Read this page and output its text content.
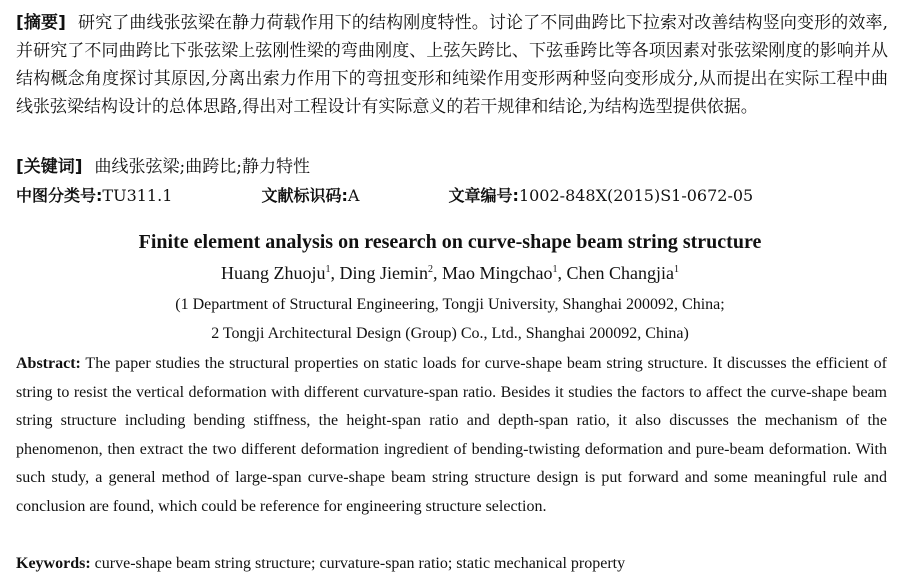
[摘要] 研究了曲线张弦梁在静力荷载作用下的结构刚度特性。讨论了不同曲跨比下拉索对改善结构竖向变形的效率,并研究了不同曲跨比下张弦梁上弦刚性梁的弯曲刚度、上弦矢跨比、下弦垂跨比等各项因素对张弦梁刚度的影响并从结构概念角度探讨其原因,分离出索力作用下的弯扭变形和纯梁作用变形两种竖向变形成分,从而提出在实际工程中曲线张弦梁结构设计的总体思路,得出对工程设计有实际意义的若干规律和结论,为结构选型提供依据。
[关键词] 曲线张弦梁;曲跨比;静力特性
中图分类号:TU311.1	文献标识码:A	文章编号:1002-848X(2015)S1-0672-05
Finite element analysis on research on curve-shape beam string structure
Huang Zhuoju$^1$, Ding Jiemin$^2$, Mao Mingchao$^1$, Chen Changjia$^1$
(1 Department of Structural Engineering, Tongji University, Shanghai 200092, China;
2 Tongji Architectural Design (Group) Co., Ltd., Shanghai 200092, China)
Abstract: The paper studies the structural properties on static loads for curve-shape beam string structure. It discusses the efficient of string to resist the vertical deformation with different curvature-span ratio. Besides it studies the factors to affect the curve-shape beam string structure including bending stiffness, the height-span ratio and depth-span ratio, it also discusses the mechanism of the phenomenon, then extract the two different deformation ingredient of bending-twisting deformation and pure-beam deformation. With such study, a general method of large-span curve-shape beam string structure design is put forward and some meaningful rule and conclusion are found, which could be reference for engineering structure selection.
Keywords: curve-shape beam string structure; curvature-span ratio; static mechanical property
